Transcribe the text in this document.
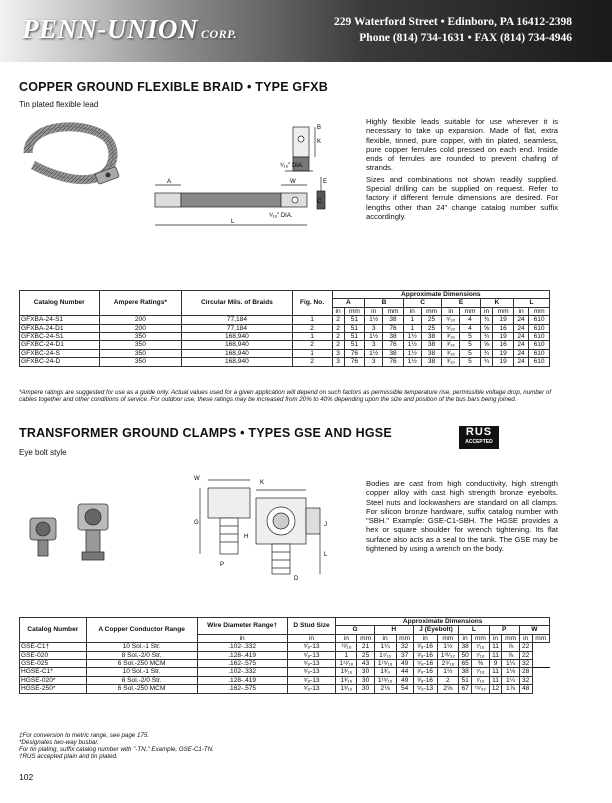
PENN-UNION CORP.
229 Waterford Street • Edinboro, PA 16412-2398
Phone (814) 734-1631 • FAX (814) 734-4946
COPPER GROUND FLEXIBLE BRAID • TYPE GFXB
Tin plated flexible lead
A
B
K
C
E
L
W
⁹⁄₁₆" DIA.
⁹⁄₁₆" DIA.

Highly flexible leads suitable for use wherever it is necessary to take up expansion. Made of flat, extra flexible, tinned, pure copper, with tin plated, seamless, pure copper ferrules cold pressed on each end. Inside ends of ferrules are rounded to prevent chafing of strands.

Sizes and combinations not shown readily supplied. Special drilling can be supplied on request. Refer to factory if different ferrule dimensions are desired. For lengths other than 24" change catalog number suffix accordingly.

Catalog Number	Ampere Ratings*	Circular Mils. of Braids	Fig. No.	Approximate Dimensions											
				A		B		C		E		K		L	
				in	mm	in	mm	in	mm	in	mm	in	mm	in	mm
GFXBA-24-S1	200	77,184	1	2	51	1½	38	1	25	⁵⁄₃₂	4	¾	19	24	610
GFXBA-24-D1	200	77,184	2	2	51	3	76	1	25	⁵⁄₃₂	4	⅝	16	24	610
GFXBC-24-S1	350	168,940	1	2	51	1½	38	1½	38	³⁄₁₆	5	¾	19	24	610
GFXBC-24-D1	350	168,940	2	2	51	3	76	1½	38	³⁄₁₆	5	⅝	16	24	610
GFXBC-24-S	350	168,940	1	3	76	1½	38	1½	38	³⁄₁₆	5	¾	19	24	610
GFXBC-24-D	350	168,940	2	3	76	3	76	1½	38	³⁄₁₆	5	¾	19	24	610
*Ampere ratings are suggested for use as a guide only. Actual values used for a given application will depend on such factors as permissible temperature rise, permissible voltage drop, number of cables together and other conditions of service. For outdoor use, these ratings may be increased from 20% to 40% depending upon the size and position of the bus bars being joined.
TRANSFORMER GROUND CLAMPS • TYPES GSE AND HGSE	RUS
ACCEPTED
Eye bolt style
W
K
G
H
J
L
P
D
Bodies are cast from high conductivity, high strength copper alloy with cast high strength bronze eyebolts. Steel nuts and lockwashers are standard on all clamps. For silicon bronze hardware, suffix catalog number with "SBH." Example: GSE-C1-SBH. The HGSE provides a hex or square shoulder for wrench tightening. Its flat surface also acts as a seal to the tank. The GSE may be tightened by using a wrench on the body.
Catalog Number	A Copper Conductor Range	Wire Diameter Range†	D Stud Size	Approximate Dimensions											
				G		H		J (Eyebolt)		L		P		W	
		in	in	in	mm	in	mm	in	mm	in	mm	in	mm	in	mm
GSE-C1†	10 Sol.-1 Str.	.102-.332	⁵⁄₈-13	¹³⁄₁₆	21	1¼	32	³⁄₈-16	1½	38	⁷⁄₁₆	11	⅞	22	
GSE-020	8 Sol.-2/0 Str.	.128-.419	⁵⁄₈-13	1	25	1⁷⁄₁₆	37	³⁄₈-16	1³¹⁄₃₂	50	⁷⁄₁₆	11	⅞	22	
GSE-025	6 Sol.-250 MCM	.162-.575	⁵⁄₈-13	1¹¹⁄₁₆	43	1¹⁵⁄₁₆	49	⁵⁄₈-16	2⁹⁄₁₆	65	⅜	9	1¼	32	
HGSE-C1*	10 Sol.-1 Str.	.102-.332	⁵⁄₈-13	1³⁄₁₆	30	1³⁄₄	44	³⁄₈-16	1½	38	⁷⁄₁₆	11	1⅛	28	
HGSE-020*	8 Sol.-2/0 Str.	.128-.419	⁵⁄₈-13	1³⁄₁₆	30	1¹⁵⁄₁₆	49	³⁄₈-16	2	51	⁷⁄₁₆	11	1¼	32	
HGSE-250*	6 Sol.-250 MCM	.162-.575	⁵⁄₈-13	1³⁄₁₆	30	2⅛	54	⁵⁄₈-13	2⅝	67	¹⁵⁄₃₂	12	1⅞	48	
‡For conversion to metric range, see page 175.
*Designates two-way busbar.
For tin plating, suffix catalog number with "-TN." Example, GSE-C1-TN.
†RUS accepted plain and tin plated.
102
